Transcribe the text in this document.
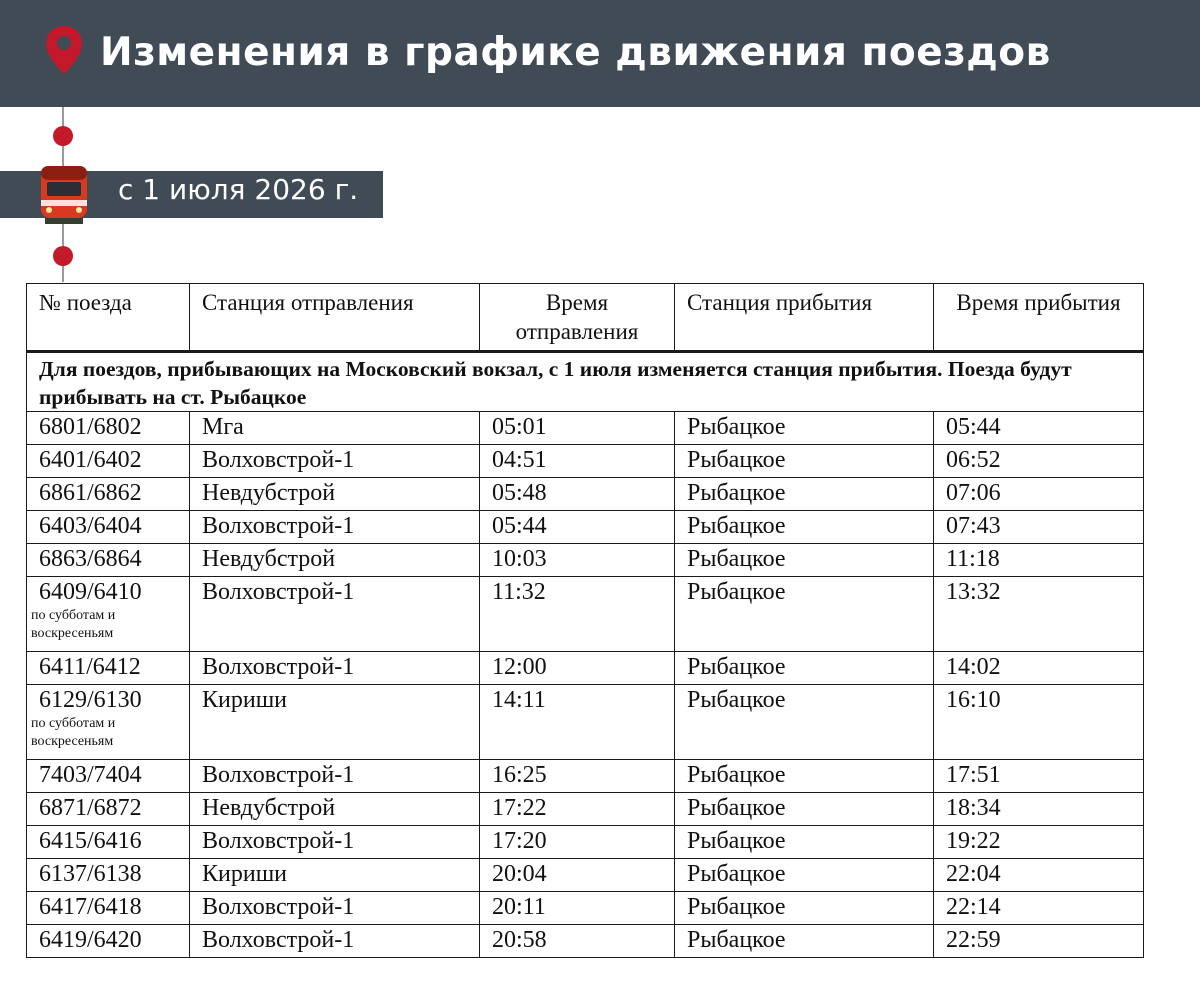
Изменения в графике движения поездов
с 1 июля 2026 г.
№ поезда	Станция отправления	Время отправления	Станция прибытия	Время прибытия
Для поездов, прибывающих на Московский вокзал, с 1 июля изменяется станция прибытия. Поезда будут прибывать на ст. Рыбацкое				
6801/6802	Мга	05:01	Рыбацкое	05:44
6401/6402	Волховстрой-1	04:51	Рыбацкое	06:52
6861/6862	Невдубстрой	05:48	Рыбацкое	07:06
6403/6404	Волховстрой-1	05:44	Рыбацкое	07:43
6863/6864	Невдубстрой	10:03	Рыбацкое	11:18
6409/6410
по субботам и воскресеньям	Волховстрой-1	11:32	Рыбацкое	13:32
6411/6412	Волховстрой-1	12:00	Рыбацкое	14:02
6129/6130
по субботам и воскресеньям	Кириши	14:11	Рыбацкое	16:10
7403/7404	Волховстрой-1	16:25	Рыбацкое	17:51
6871/6872	Невдубстрой	17:22	Рыбацкое	18:34
6415/6416	Волховстрой-1	17:20	Рыбацкое	19:22
6137/6138	Кириши	20:04	Рыбацкое	22:04
6417/6418	Волховстрой-1	20:11	Рыбацкое	22:14
6419/6420	Волховстрой-1	20:58	Рыбацкое	22:59
